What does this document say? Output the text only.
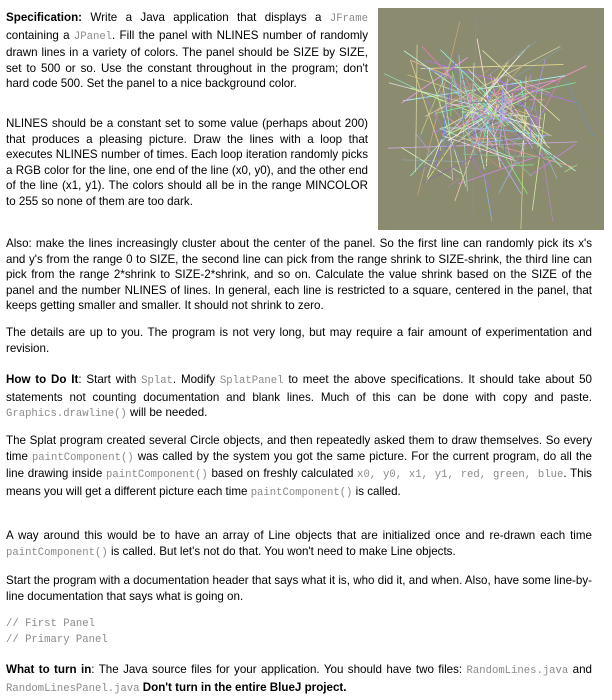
Specification: Write a Java application that displays a JFrame containing a JPanel. Fill the panel with NLINES number of randomly drawn lines in a variety of colors. The panel should be SIZE by SIZE, set to 500 or so. Use the constant throughout in the program; don't hard code 500. Set the panel to a nice background color.

NLINES should be a constant set to some value (perhaps about 200) that produces a pleasing picture. Draw the lines with a loop that executes NLINES number of times. Each loop iteration randomly picks a RGB color for the line, one end of the line (x0, y0), and the other end of the line (x1, y1). The colors should all be in the range MINCOLOR to 255 so none of them are too dark.

Also: make the lines increasingly cluster about the center of the panel. So the first line can randomly pick its x's and y's from the range 0 to SIZE, the second line can pick from the range shrink to SIZE-shrink, the third line can pick from the range 2*shrink to SIZE-2*shrink, and so on. Calculate the value shrink based on the SIZE of the panel and the number NLINES of lines. In general, each line is restricted to a square, centered in the panel, that keeps getting smaller and smaller. It should not shrink to zero.

The details are up to you. The program is not very long, but may require a fair amount of experimentation and revision.

How to Do It: Start with Splat. Modify SplatPanel to meet the above specifications. It should take about 50 statements not counting documentation and blank lines. Much of this can be done with copy and paste. Graphics.drawline() will be needed.

The Splat program created several Circle objects, and then repeatedly asked them to draw themselves. So every time paintComponent() was called by the system you got the same picture. For the current program, do all the line drawing inside paintComponent() based on freshly calculated x0, y0, x1, y1, red, green, blue. This means you will get a different picture each time paintComponent() is called.

A way around this would be to have an array of Line objects that are initialized once and re-drawn each time paintComponent() is called. But let's not do that. You won't need to make Line objects.

Start the program with a documentation header that says what it is, who did it, and when. Also, have some line-by-line documentation that says what is going on.

// First Panel
// Primary Panel

What to turn in: The Java source files for your application. You should have two files: RandomLines.java and RandomLinesPanel.java Don't turn in the entire BlueJ project.
